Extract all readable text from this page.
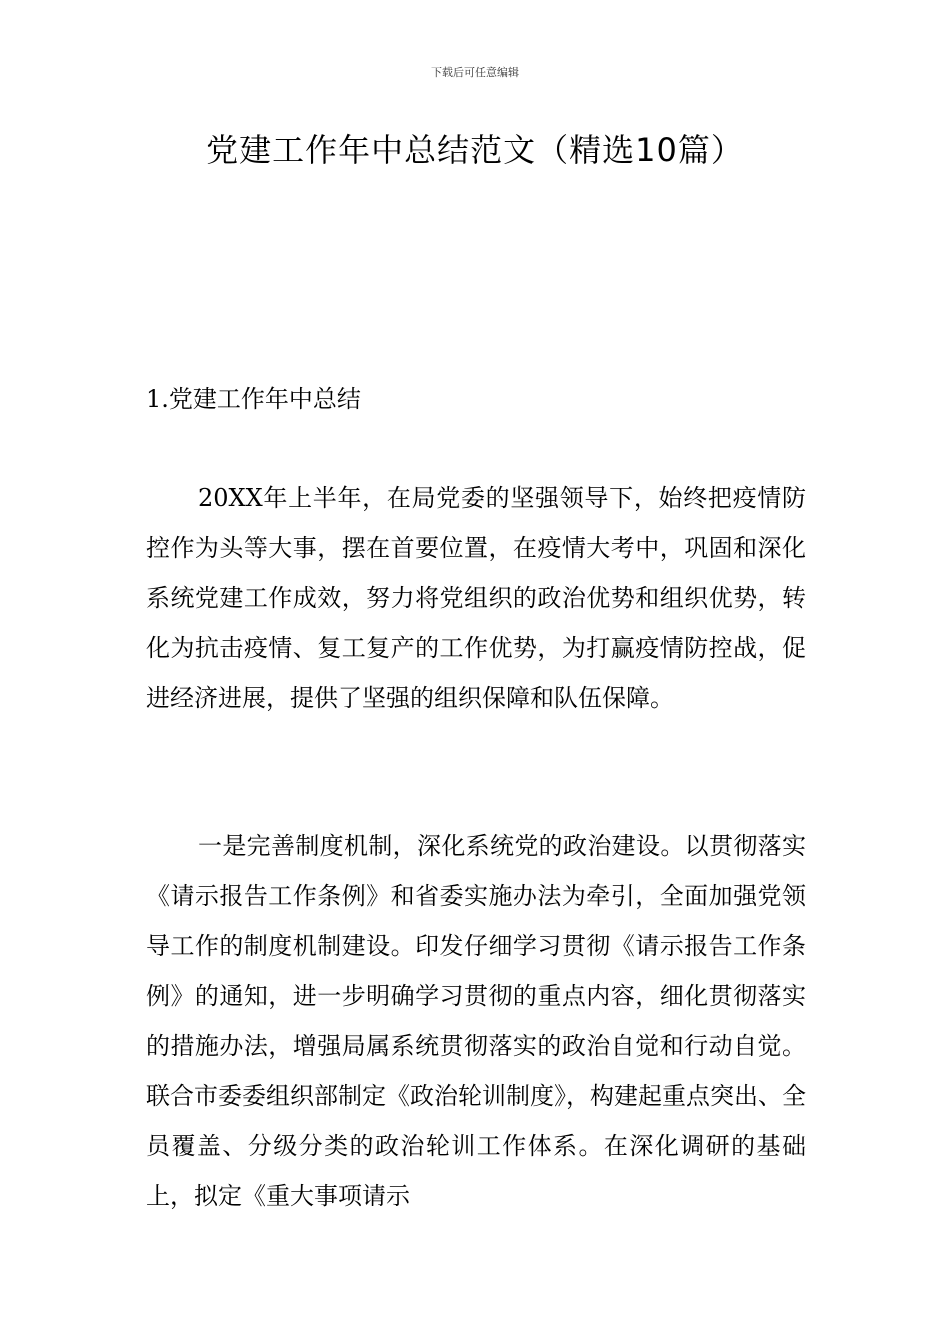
下载后可任意编辑
党建工作年中总结范文（精选10篇）
1.党建工作年中总结

20XX年上半年，在局党委的坚强领导下，始终把疫情防控作为头等大事，摆在首要位置，在疫情大考中，巩固和深化系统党建工作成效，努力将党组织的政治优势和组织优势，转化为抗击疫情、复工复产的工作优势，为打赢疫情防控战，促进经济进展，提供了坚强的组织保障和队伍保障。

一是完善制度机制，深化系统党的政治建设。以贯彻落实《请示报告工作条例》和省委实施办法为牵引，全面加强党领导工作的制度机制建设。印发仔细学习贯彻《请示报告工作条例》的通知，进一步明确学习贯彻的重点内容，细化贯彻落实的措施办法，增强局属系统贯彻落实的政治自觉和行动自觉。联合市委委组织部制定《政治轮训制度》，构建起重点突出、全员覆盖、分级分类的政治轮训工作体系。在深化调研的基础上，拟定《重大事项请示
